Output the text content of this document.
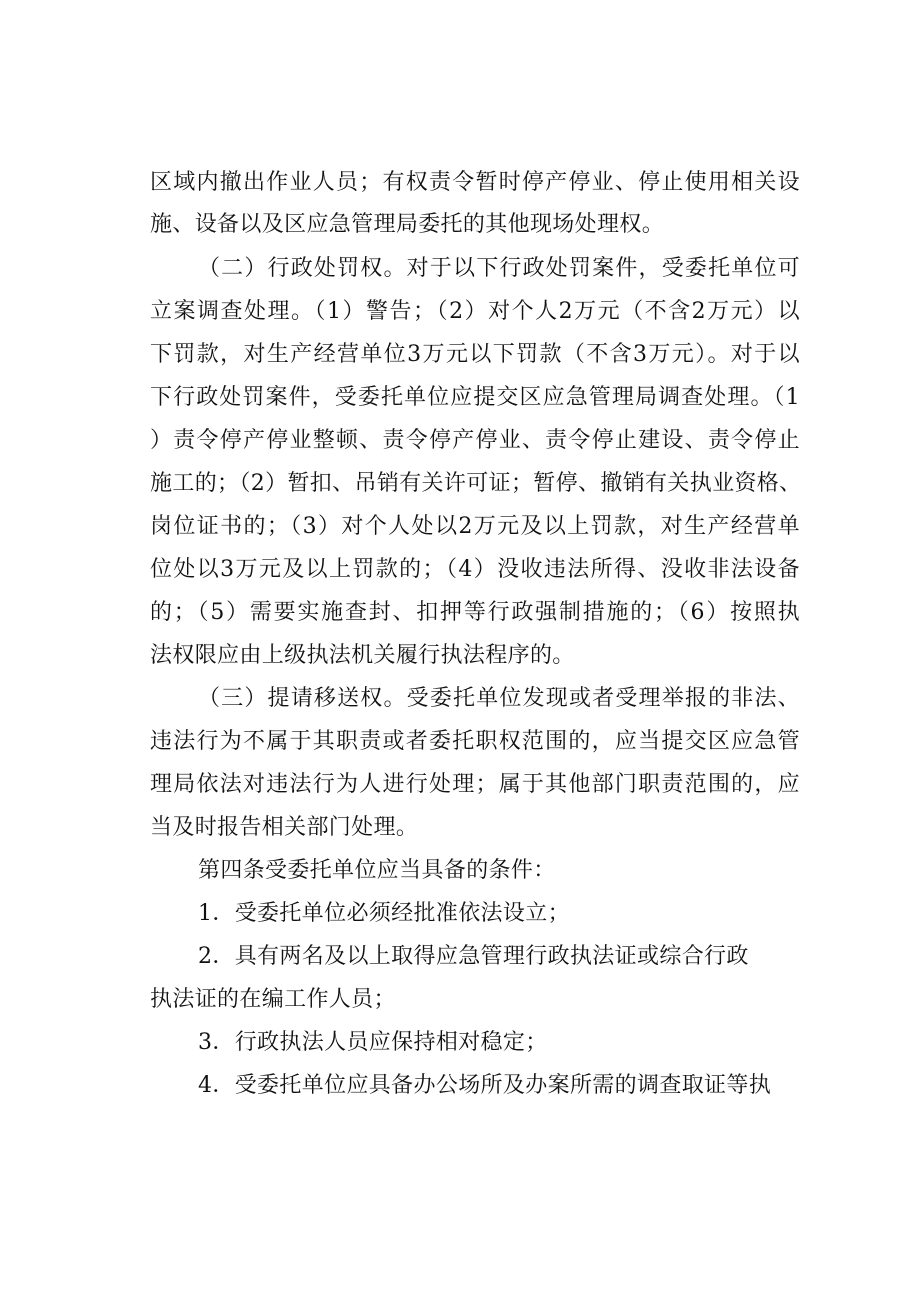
区域内撤出作业人员；有权责令暂时停产停业、停止使用相关设
施、设备以及区应急管理局委托的其他现场处理权。
（二）行政处罚权。对于以下行政处罚案件，受委托单位可
立案调查处理。（1）警告；（2）对个人2万元（不含2万元）以
下罚款，对生产经营单位3万元以下罚款（不含3万元）。对于以
下行政处罚案件，受委托单位应提交区应急管理局调查处理。（1
）责令停产停业整顿、责令停产停业、责令停止建设、责令停止
施工的；（2）暂扣、吊销有关许可证；暂停、撤销有关执业资格、
岗位证书的；（3）对个人处以2万元及以上罚款，对生产经营单
位处以3万元及以上罚款的；（4）没收违法所得、没收非法设备
的；（5）需要实施查封、扣押等行政强制措施的；（6）按照执
法权限应由上级执法机关履行执法程序的。
（三）提请移送权。受委托单位发现或者受理举报的非法、
违法行为不属于其职责或者委托职权范围的，应当提交区应急管
理局依法对违法行为人进行处理；属于其他部门职责范围的，应
当及时报告相关部门处理。
第四条受委托单位应当具备的条件：
1．受委托单位必须经批准依法设立；
2．具有两名及以上取得应急管理行政执法证或综合行政
执法证的在编工作人员；
3．行政执法人员应保持相对稳定；
4．受委托单位应具备办公场所及办案所需的调查取证等执
